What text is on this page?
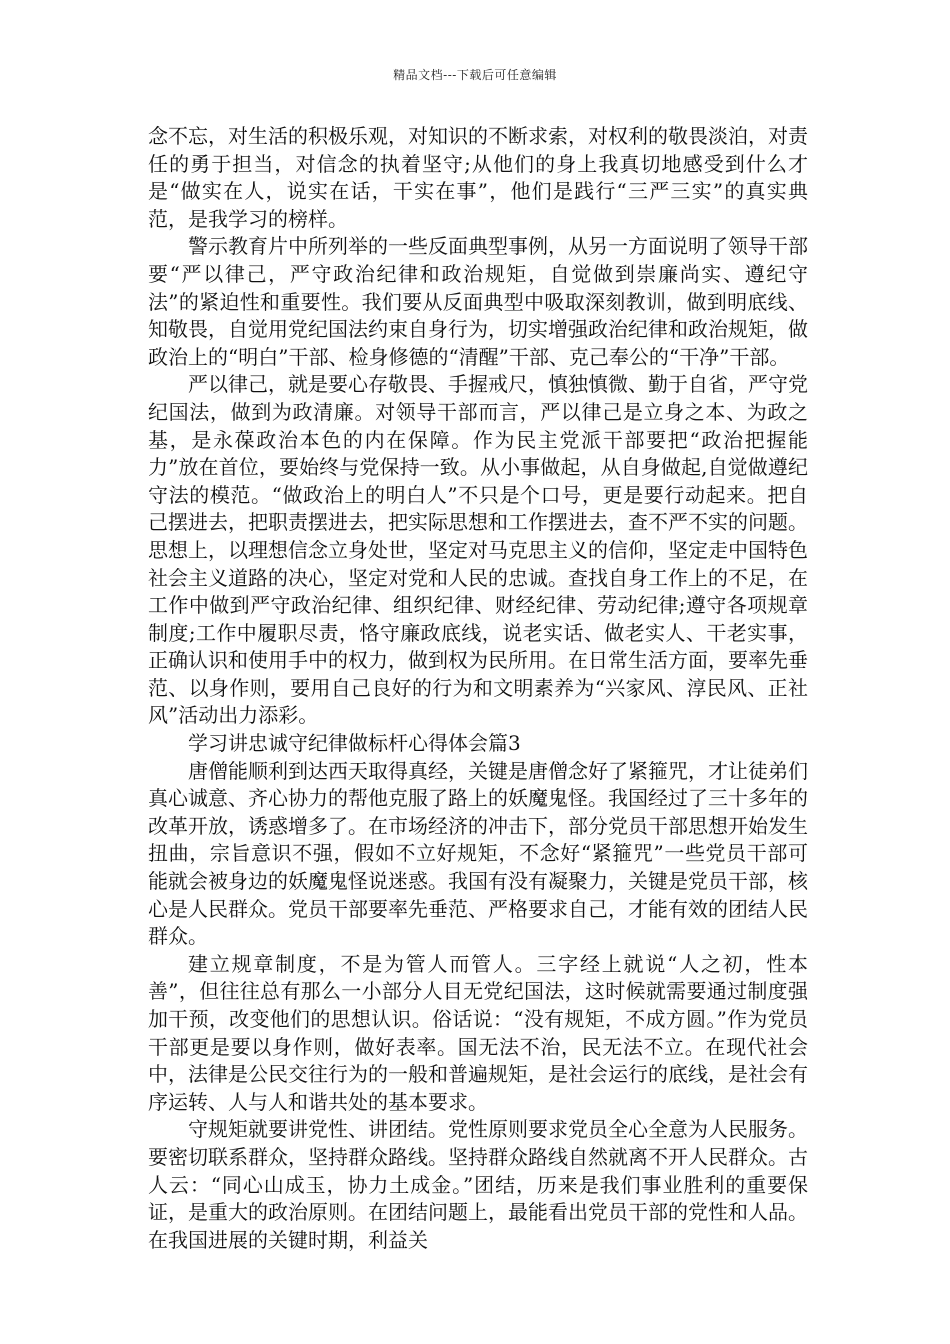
精品文档---下载后可任意编辑

念不忘，对生活的积极乐观，对知识的不断求索，对权利的敬畏淡泊，对责任的勇于担当，对信念的执着坚守;从他们的身上我真切地感受到什么才是“做实在人，说实在话，干实在事”，他们是践行“三严三实”的真实典范，是我学习的榜样。

警示教育片中所列举的一些反面典型事例，从另一方面说明了领导干部要“严以律己，严守政治纪律和政治规矩，自觉做到崇廉尚实、遵纪守法”的紧迫性和重要性。我们要从反面典型中吸取深刻教训，做到明底线、知敬畏，自觉用党纪国法约束自身行为，切实增强政治纪律和政治规矩，做政治上的“明白”干部、检身修德的“清醒”干部、克己奉公的“干净”干部。

严以律己，就是要心存敬畏、手握戒尺，慎独慎微、勤于自省，严守党纪国法，做到为政清廉。对领导干部而言，严以律己是立身之本、为政之基，是永葆政治本色的内在保障。作为民主党派干部要把“政治把握能力”放在首位，要始终与党保持一致。从小事做起，从自身做起,自觉做遵纪守法的模范。“做政治上的明白人”不只是个口号，更是要行动起来。把自己摆进去，把职责摆进去，把实际思想和工作摆进去，查不严不实的问题。思想上，以理想信念立身处世，坚定对马克思主义的信仰，坚定走中国特色社会主义道路的决心，坚定对党和人民的忠诚。查找自身工作上的不足，在工作中做到严守政治纪律、组织纪律、财经纪律、劳动纪律;遵守各项规章制度;工作中履职尽责，恪守廉政底线，说老实话、做老实人、干老实事，正确认识和使用手中的权力，做到权为民所用。在日常生活方面，要率先垂范、以身作则，要用自己良好的行为和文明素养为“兴家风、淳民风、正社风”活动出力添彩。

学习讲忠诚守纪律做标杆心得体会篇3

唐僧能顺利到达西天取得真经，关键是唐僧念好了紧箍咒，才让徒弟们真心诚意、齐心协力的帮他克服了路上的妖魔鬼怪。我国经过了三十多年的改革开放，诱惑增多了。在市场经济的冲击下，部分党员干部思想开始发生扭曲，宗旨意识不强，假如不立好规矩，不念好“紧箍咒”一些党员干部可能就会被身边的妖魔鬼怪说迷惑。我国有没有凝聚力，关键是党员干部，核心是人民群众。党员干部要率先垂范、严格要求自己，才能有效的团结人民群众。

建立规章制度，不是为管人而管人。三字经上就说“人之初，性本善”，但往往总有那么一小部分人目无党纪国法，这时候就需要通过制度强加干预，改变他们的思想认识。俗话说：“没有规矩，不成方圆。”作为党员干部更是要以身作则，做好表率。国无法不治，民无法不立。在现代社会中，法律是公民交往行为的一般和普遍规矩，是社会运行的底线，是社会有序运转、人与人和谐共处的基本要求。

守规矩就要讲党性、讲团结。党性原则要求党员全心全意为人民服务。要密切联系群众，坚持群众路线。坚持群众路线自然就离不开人民群众。古人云：“同心山成玉，协力土成金。”团结，历来是我们事业胜利的重要保证，是重大的政治原则。在团结问题上，最能看出党员干部的党性和人品。在我国进展的关键时期，利益关
